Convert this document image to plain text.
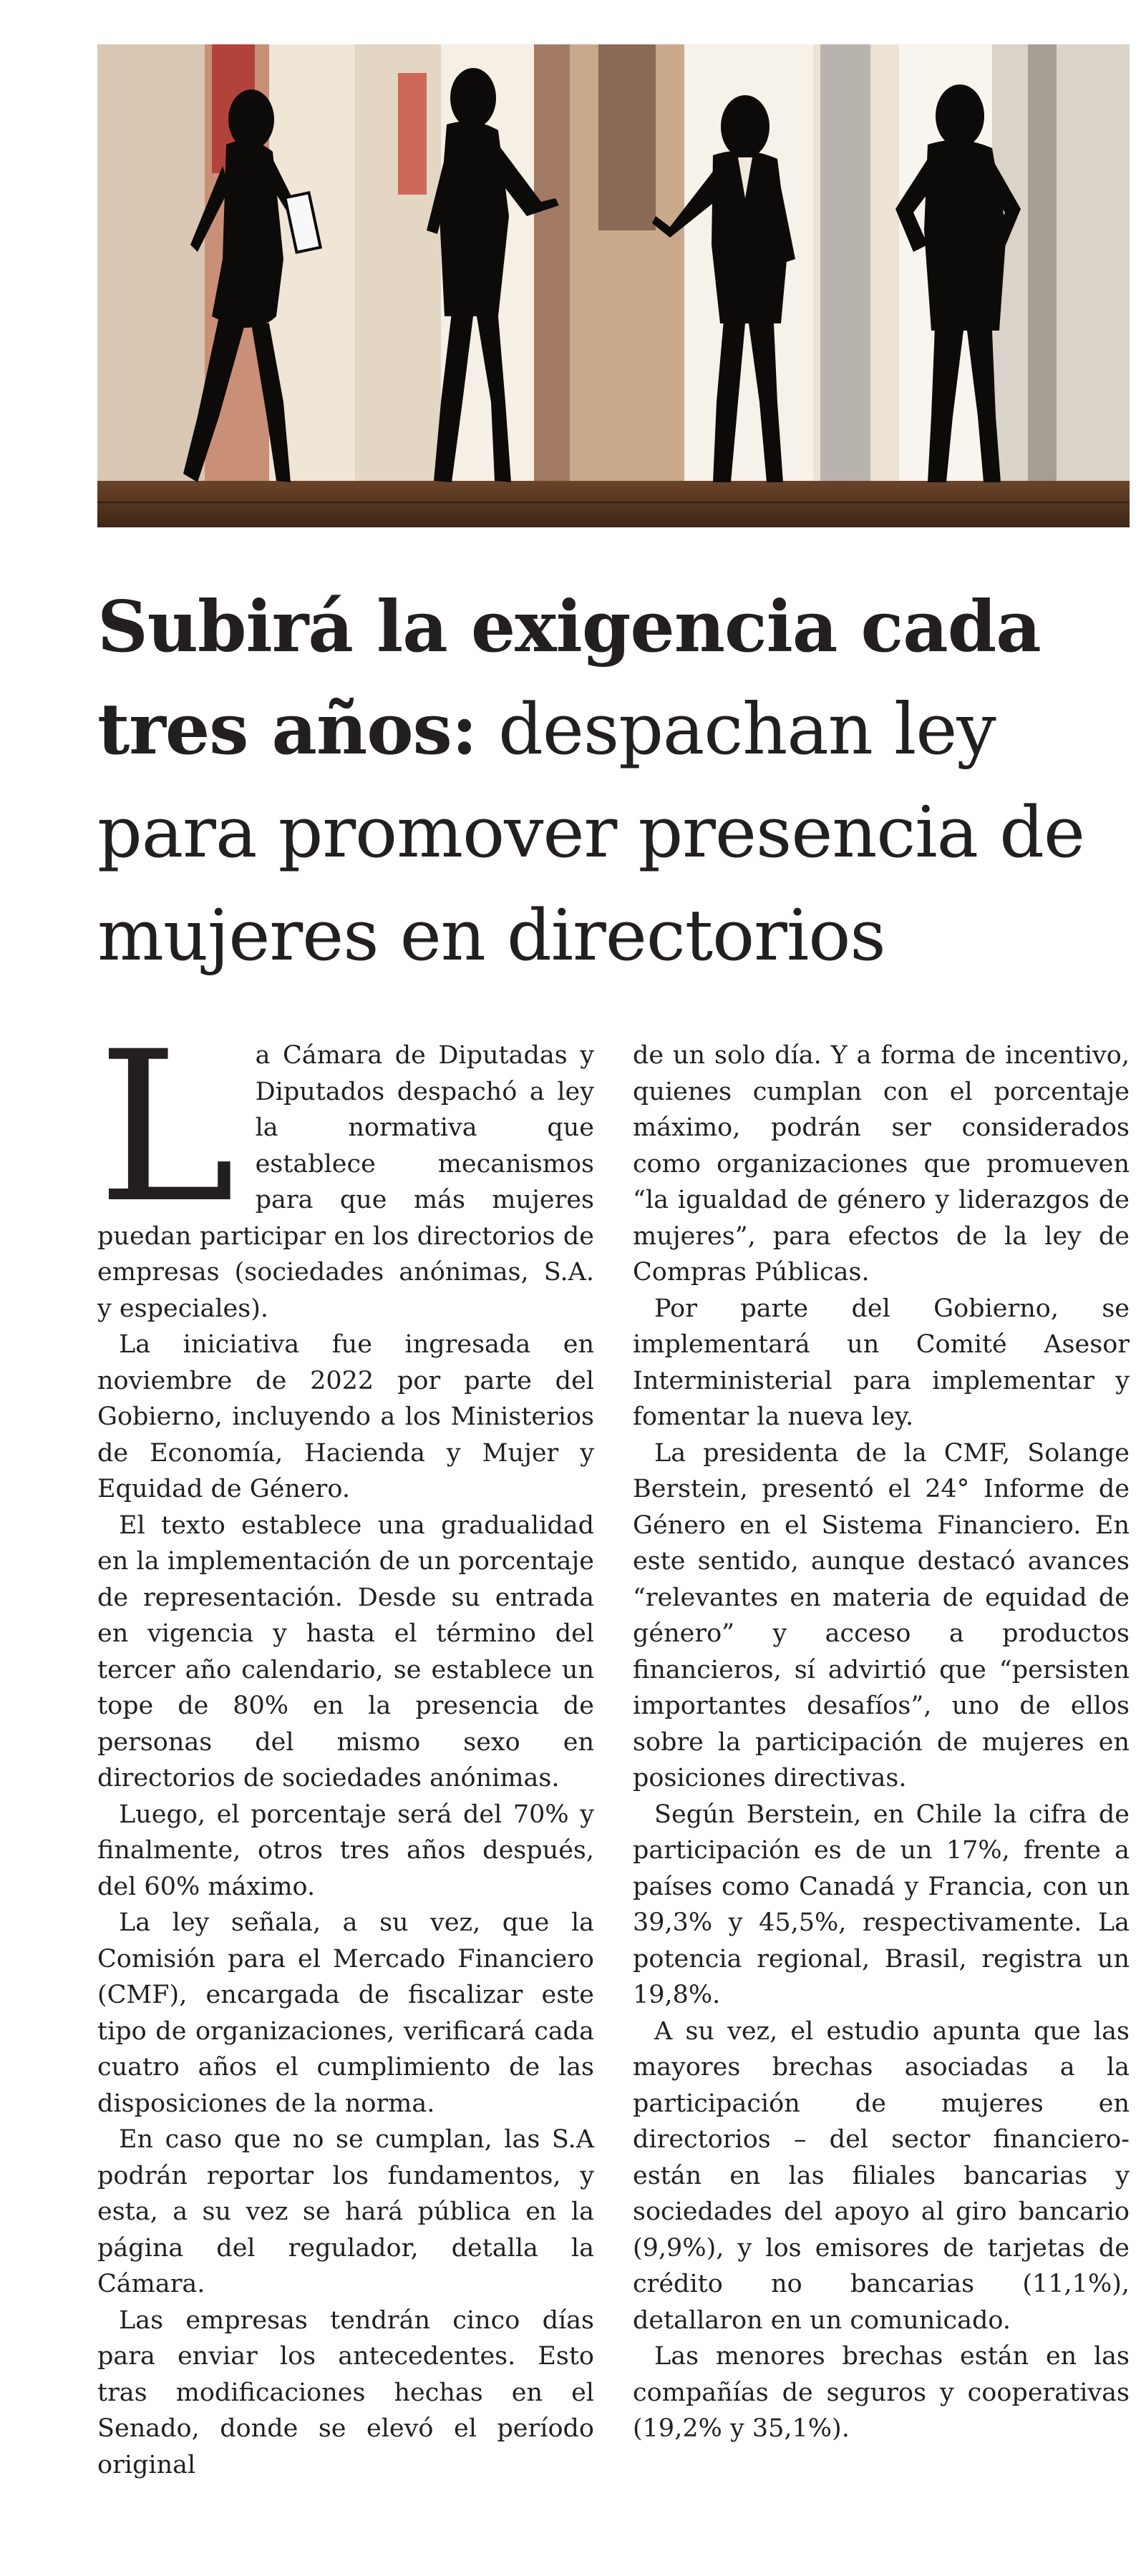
Subirá la exigencia cada tres años: despachan ley para promover presencia de mujeres en directorios

La Cámara de Diputadas y Diputados despachó a ley la normativa que establece mecanismos para que más mujeres puedan participar en los directorios de empresas (sociedades anónimas, S.A. y especiales).

La iniciativa fue ingresada en noviembre de 2022 por parte del Gobierno, incluyendo a los Ministerios de Economía, Hacienda y Mujer y Equidad de Género.

El texto establece una gradualidad en la implementación de un porcentaje de representación. Desde su entrada en vigencia y hasta el término del tercer año calendario, se establece un tope de 80% en la presencia de personas del mismo sexo en directorios de sociedades anónimas.

Luego, el porcentaje será del 70% y finalmente, otros tres años después, del 60% máximo.

La ley señala, a su vez, que la Comisión para el Mercado Financiero (CMF), encargada de fiscalizar este tipo de organizaciones, verificará cada cuatro años el cumplimiento de las disposiciones de la norma.

En caso que no se cumplan, las S.A podrán reportar los fundamentos, y esta, a su vez se hará pública en la página del regulador, detalla la Cámara.

Las empresas tendrán cinco días para enviar los antecedentes. Esto tras modificaciones hechas en el Senado, donde se elevó el período original

de un solo día. Y a forma de incentivo, quienes cumplan con el porcentaje máximo, podrán ser considerados como organizaciones que promueven “la igualdad de género y liderazgos de mujeres”, para efectos de la ley de Compras Públicas.

Por parte del Gobierno, se implementará un Comité Asesor Interministerial para implementar y fomentar la nueva ley.

La presidenta de la CMF, Solange Berstein, presentó el 24° Informe de Género en el Sistema Financiero. En este sentido, aunque destacó avances “relevantes en materia de equidad de género” y acceso a productos financieros, sí advirtió que “persisten importantes desafíos”, uno de ellos sobre la participación de mujeres en posiciones directivas.

Según Berstein, en Chile la cifra de participación es de un 17%, frente a países como Canadá y Francia, con un 39,3% y 45,5%, respectivamente. La potencia regional, Brasil, registra un 19,8%.

A su vez, el estudio apunta que las mayores brechas asociadas a la participación de mujeres en directorios – del sector financiero- están en las filiales bancarias y sociedades del apoyo al giro bancario (9,9%), y los emisores de tarjetas de crédito no bancarias (11,1%), detallaron en un comunicado.

Las menores brechas están en las compañías de seguros y cooperativas (19,2% y 35,1%).
